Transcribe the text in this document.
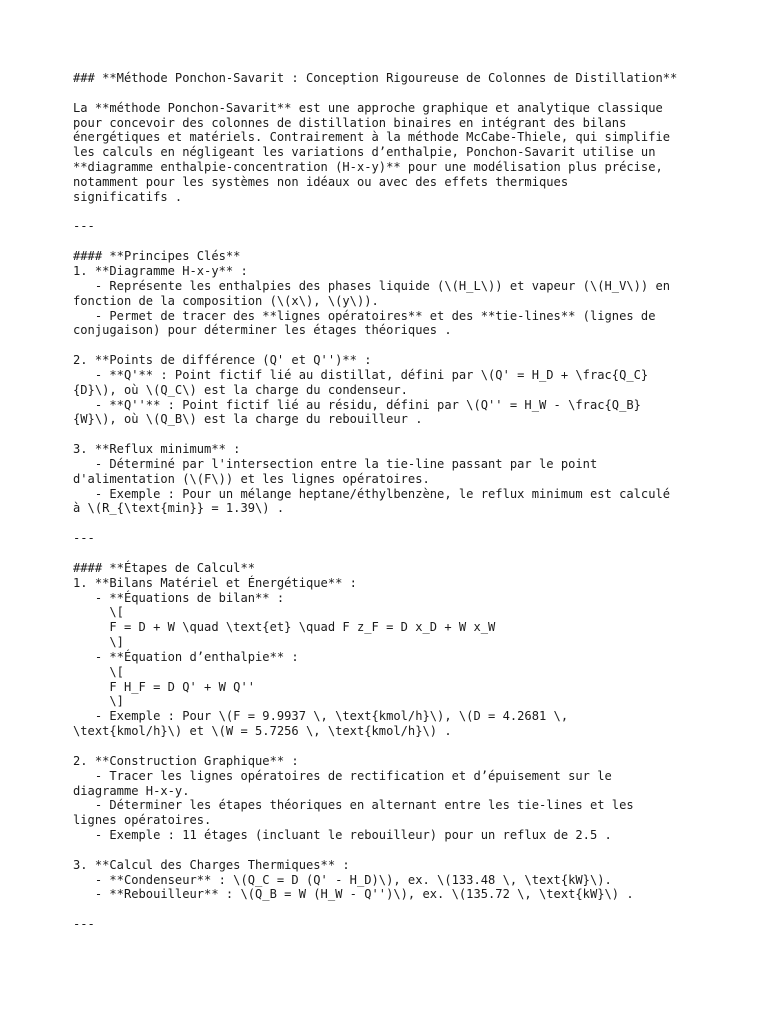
### **Méthode Ponchon-Savarit : Conception Rigoureuse de Colonnes de Distillation**
La **méthode Ponchon-Savarit** est une approche graphique et analytique classique
pour concevoir des colonnes de distillation binaires en intégrant des bilans
énergétiques et matériels. Contrairement à la méthode McCabe-Thiele, qui simplifie
les calculs en négligeant les variations d’enthalpie, Ponchon-Savarit utilise un
**diagramme enthalpie-concentration (H-x-y)** pour une modélisation plus précise,
notamment pour les systèmes non idéaux ou avec des effets thermiques
significatifs .
---
#### **Principes Clés**
1. **Diagramme H-x-y** :
- Représente les enthalpies des phases liquide (\(H_L\)) et vapeur (\(H_V\)) en
fonction de la composition (\(x\), \(y\)).
- Permet de tracer des **lignes opératoires** et des **tie-lines** (lignes de
conjugaison) pour déterminer les étages théoriques .
2. **Points de différence (Q' et Q'')** :
- **Q'** : Point fictif lié au distillat, défini par \(Q' = H_D + \frac{Q_C}
{D}\), où \(Q_C\) est la charge du condenseur.
- **Q''** : Point fictif lié au résidu, défini par \(Q'' = H_W - \frac{Q_B}
{W}\), où \(Q_B\) est la charge du rebouilleur .
3. **Reflux minimum** :
- Déterminé par l'intersection entre la tie-line passant par le point
d'alimentation (\(F\)) et les lignes opératoires.
- Exemple : Pour un mélange heptane/éthylbenzène, le reflux minimum est calculé
à \(R_{\text{min}} = 1.39\) .
---
#### **Étapes de Calcul**
1. **Bilans Matériel et Énergétique** :
- **Équations de bilan** :
\[
F = D + W \quad \text{et} \quad F z_F = D x_D + W x_W
\]
- **Équation d’enthalpie** :
\[
F H_F = D Q' + W Q''
\]
- Exemple : Pour \(F = 9.9937 \, \text{kmol/h}\), \(D = 4.2681 \,
\text{kmol/h}\) et \(W = 5.7256 \, \text{kmol/h}\) .
2. **Construction Graphique** :
- Tracer les lignes opératoires de rectification et d’épuisement sur le
diagramme H-x-y.
- Déterminer les étapes théoriques en alternant entre les tie-lines et les
lignes opératoires.
- Exemple : 11 étages (incluant le rebouilleur) pour un reflux de 2.5 .
3. **Calcul des Charges Thermiques** :
- **Condenseur** : \(Q_C = D (Q' - H_D)\), ex. \(133.48 \, \text{kW}\).
- **Rebouilleur** : \(Q_B = W (H_W - Q'')\), ex. \(135.72 \, \text{kW}\) .
---
